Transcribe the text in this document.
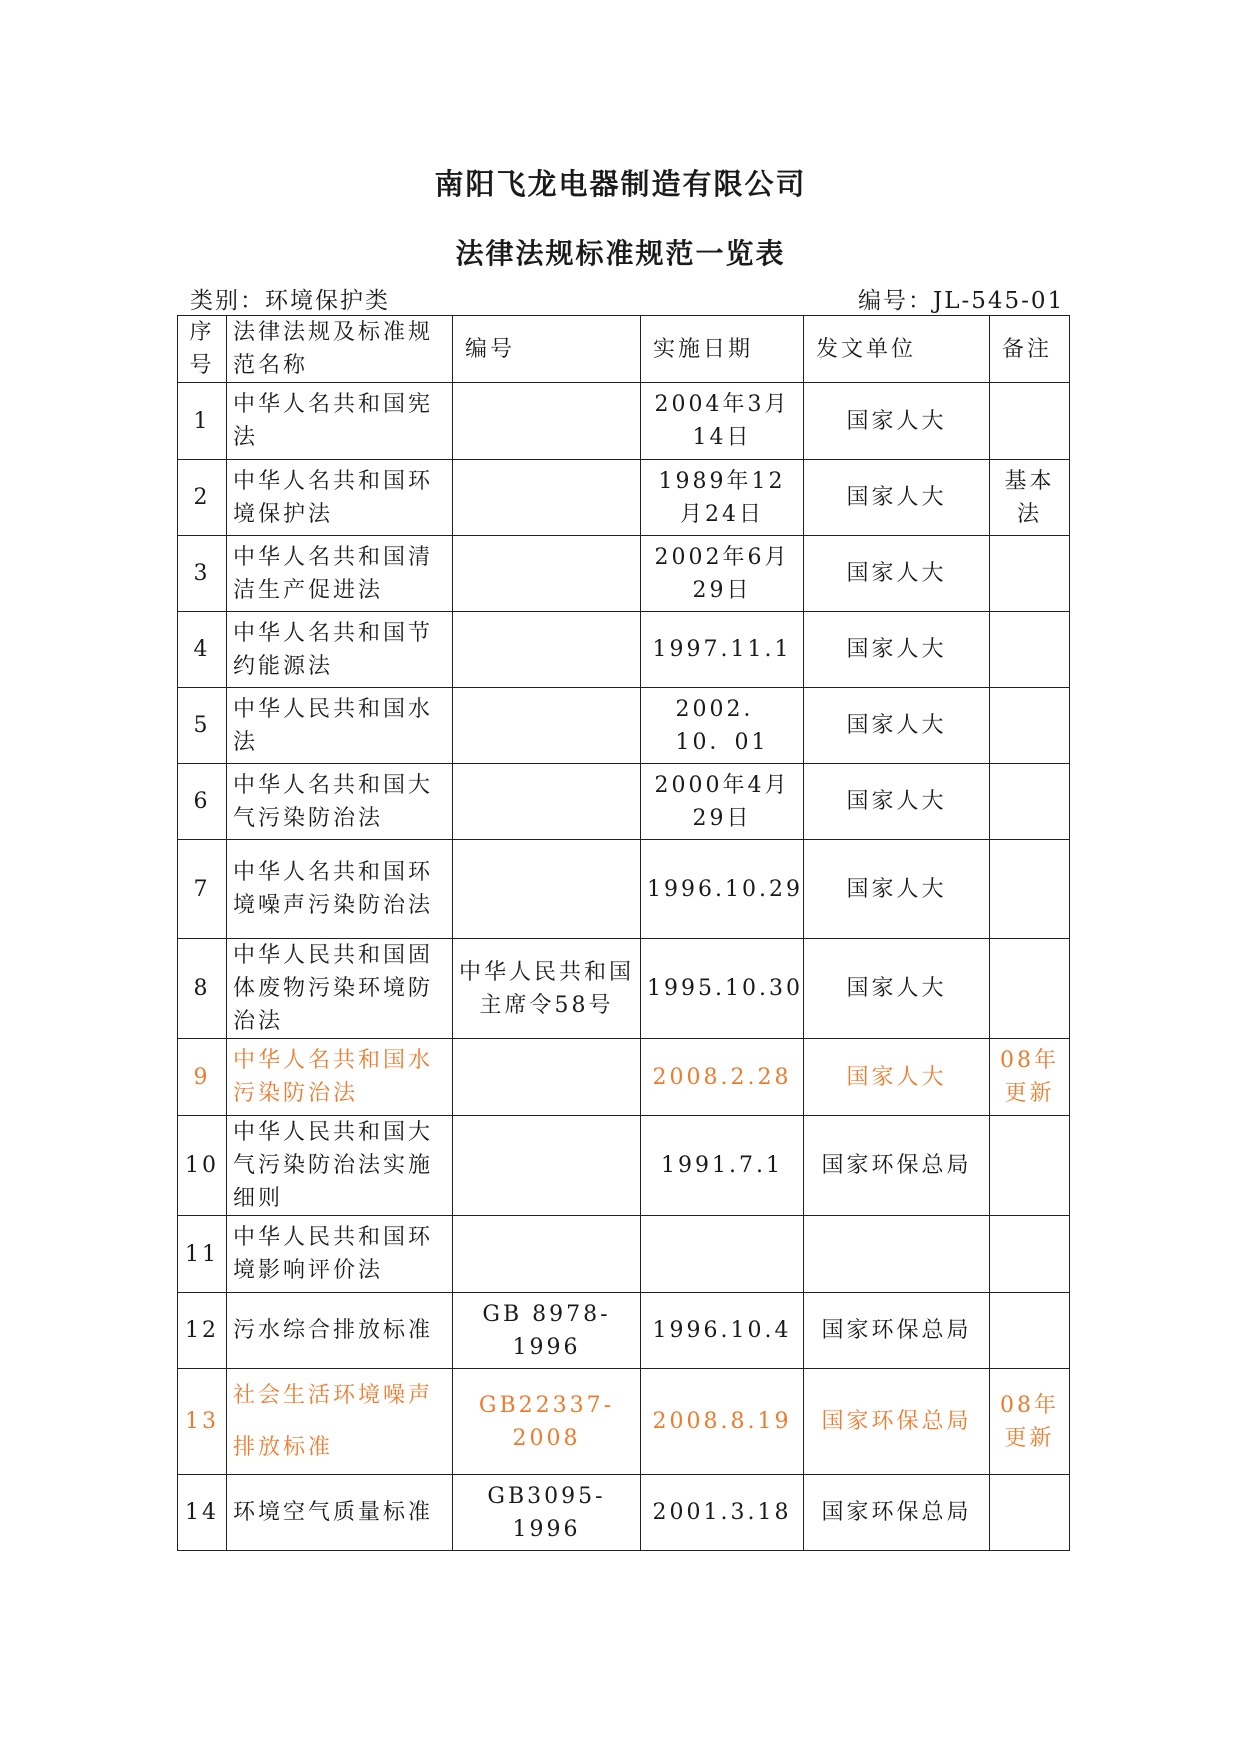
南阳飞龙电器制造有限公司
法律法规标准规范一览表
类别：环境保护类	编号：JL-545-01
序号	法律法规及标准规范名称	编号	实施日期	发文单位	备注
1	中华人名共和国宪法		2004年3月14日	国家人大	
2	中华人名共和国环境保护法		1989年12月24日	国家人大	基本法
3	中华人名共和国清洁生产促进法		2002年6月29日	国家人大	
4	中华人名共和国节约能源法		1997.11.1	国家人大	
5	中华人民共和国水法		2002．10．01	国家人大	
6	中华人名共和国大气污染防治法		2000年4月29日	国家人大	
7	中华人名共和国环境噪声污染防治法		1996.10.29	国家人大	
8	中华人民共和国固体废物污染环境防治法	中华人民共和国主席令58号	1995.10.30	国家人大	
9	中华人名共和国水污染防治法		2008.2.28	国家人大	08年更新
10	中华人民共和国大气污染防治法实施细则		1991.7.1	国家环保总局	
11	中华人民共和国环境影响评价法				
12	污水综合排放标准	GB 8978-1996	1996.10.4	国家环保总局	
13	社会生活环境噪声排放标准	GB22337-2008	2008.8.19	国家环保总局	08年更新
14	环境空气质量标准	GB3095-1996	2001.3.18	国家环保总局	
